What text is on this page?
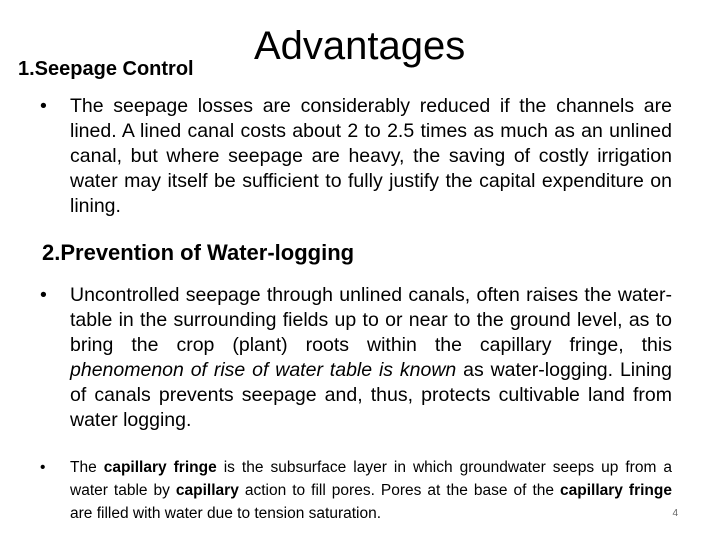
Advantages
1.Seepage Control

•	The seepage losses are considerably reduced if the channels are lined. A lined canal costs about 2 to 2.5 times as much as an unlined canal, but where seepage are heavy, the saving of costly irrigation water may itself be sufficient to fully justify the capital expenditure on lining.

2.Prevention of Water-logging

•	Uncontrolled seepage through unlined canals, often raises the water-table in the surrounding fields up to or near to the ground level, as to bring the crop (plant) roots within the capillary fringe, this phenomenon of rise of water table is known as water-logging. Lining of canals prevents seepage and, thus, protects cultivable land from water logging.

•	The capillary fringe is the subsurface layer in which groundwater seeps up from a water table by capillary action to fill pores. Pores at the base of the capillary fringe are filled with water due to tension saturation.	4
